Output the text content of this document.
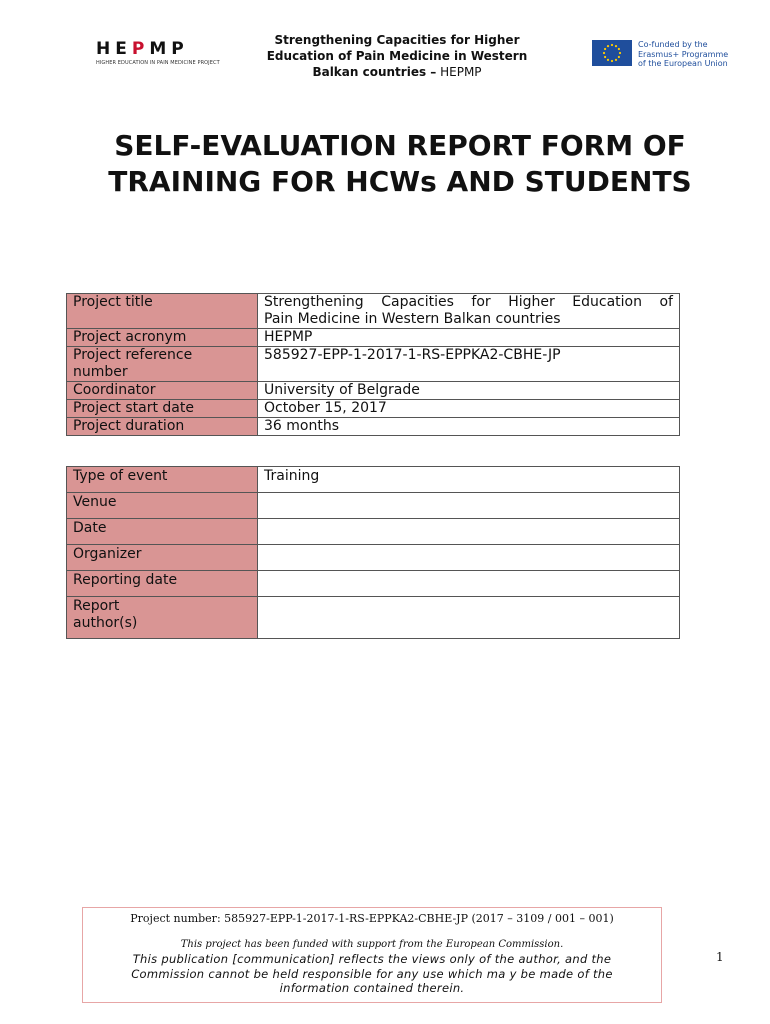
HEPMP
HIGHER EDUCATION IN PAIN MEDICINE PROJECT
Strengthening Capacities for Higher Education of Pain Medicine in Western Balkan countries – HEPMP
Co-funded by the
Erasmus+ Programme
of the European Union
SELF-EVALUATION REPORT FORM OF
TRAINING FOR HCWs AND STUDENTS
Project title	Strengthening Capacities for Higher Education of
Pain Medicine in Western Balkan countries

Project acronym	HEPMP

Project reference
number	585927-EPP-1-2017-1-RS-EPPKA2-CBHE-JP
Coordinator	University of Belgrade
Project start date	October 15, 2017
Project duration	36 months
Type of event	Training
Venue	
Date	
Organizer	
Reporting date	

Report
author(s)	

Project number: 585927-EPP-1-2017-1-RS-EPPKA2-CBHE-JP (2017 – 3109 / 001 – 001)
This project has been funded with support from the European Commission.
This publication [communication] reflects the views only of the author, and the Commission cannot be held responsible for any use which ma y be made of the information contained therein.
1
